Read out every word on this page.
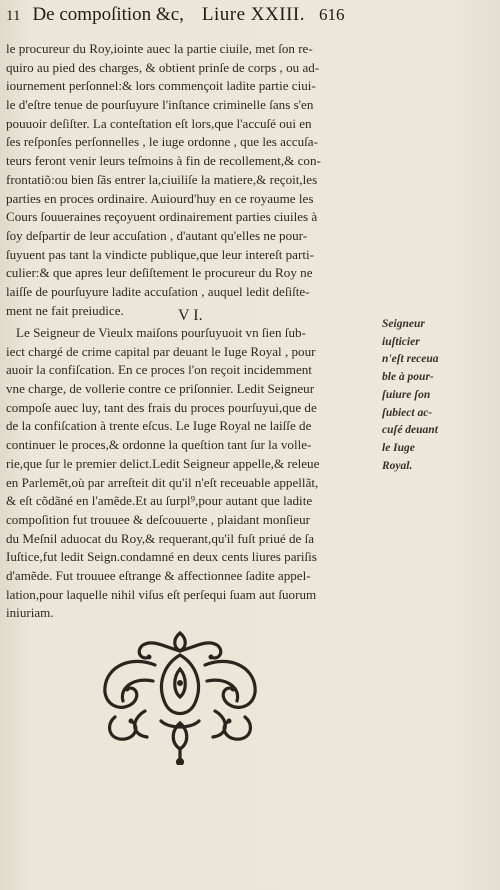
11 De compoſition &c, Liure XXIII. 616
le procureur du Roy,iointe auec la partie ciuile, met ſon re-
quiro au pied des charges, & obtient prinſe de corps , ou ad-
iournement perſonnel:& lors commençoit ladite partie ciui-
le d'eſtre tenue de pourſuyure l'inſtance criminelle ſans s'en
pouuoir deſiſter. La conteſtation eſt lors,que l'accuſé oui en
ſes reſponſes perſonnelles , le iuge ordonne , que les accuſa-
teurs feront venir leurs teſmoins à fin de recollement,& con-
frontatiõ:ou bien ſãs entrer la,ciuiliſe la matiere,& reçoit,les
parties en proces ordinaire. Auiourd'huy en ce royaume les
Cours ſouueraines reçoyuent ordinairement parties ciuiles à
ſoy deſpartir de leur accuſation , d'autant qu'elles ne pour-
ſuyuent pas tant la vindicte publique,que leur intereſt parti-
culier:& que apres leur deſiſtement le procureur du Roy ne
laiſſe de pourſuyure ladite accuſation , auquel ledit deſiſte-
ment ne fait preiudice.	V I.
Le Seigneur de Vieulx maiſons pourſuyuoit vn ſien ſub-
iect chargé de crime capital par deuant le Iuge Royal , pour
auoir la confiſcation. En ce proces l'on reçoit incidemment
vne charge, de vollerie contre ce priſonnier. Ledit Seigneur
compoſe auec luy, tant des frais du proces pourſuyui,que de
de la confiſcation à trente eſcus. Le Iuge Royal ne laiſſe de
continuer le proces,& ordonne la queſtion tant ſur la volle-
rie,que ſur le premier delict.Ledit Seigneur appelle,& releue
en Parlemẽt,où par arreſteit dit qu'il n'eſt receuable appellãt,
& eſt cõdãné en l'amẽde.Et au ſurpl⁹,pour autant que ladite
compoſition fut trouuee & deſcouuerte , plaidant monſieur
du Meſnil aduocat du Roy,& requerant,qu'il fuſt priué de ſa
Iuſtice,fut ledit Seign.condamné en deux cents liures pariſis
d'amẽde. Fut trouuee eſtrange & affectionnee ſadite appel-
lation,pour laquelle nihil viſus eſt perſequi ſuam aut ſuorum
iniuriam.
Seigneur
iuſticier
n'eſt receua
ble à pour-
ſuiure ſon
ſubiect ac-
cuſé deuant
le Iuge
Royal.
